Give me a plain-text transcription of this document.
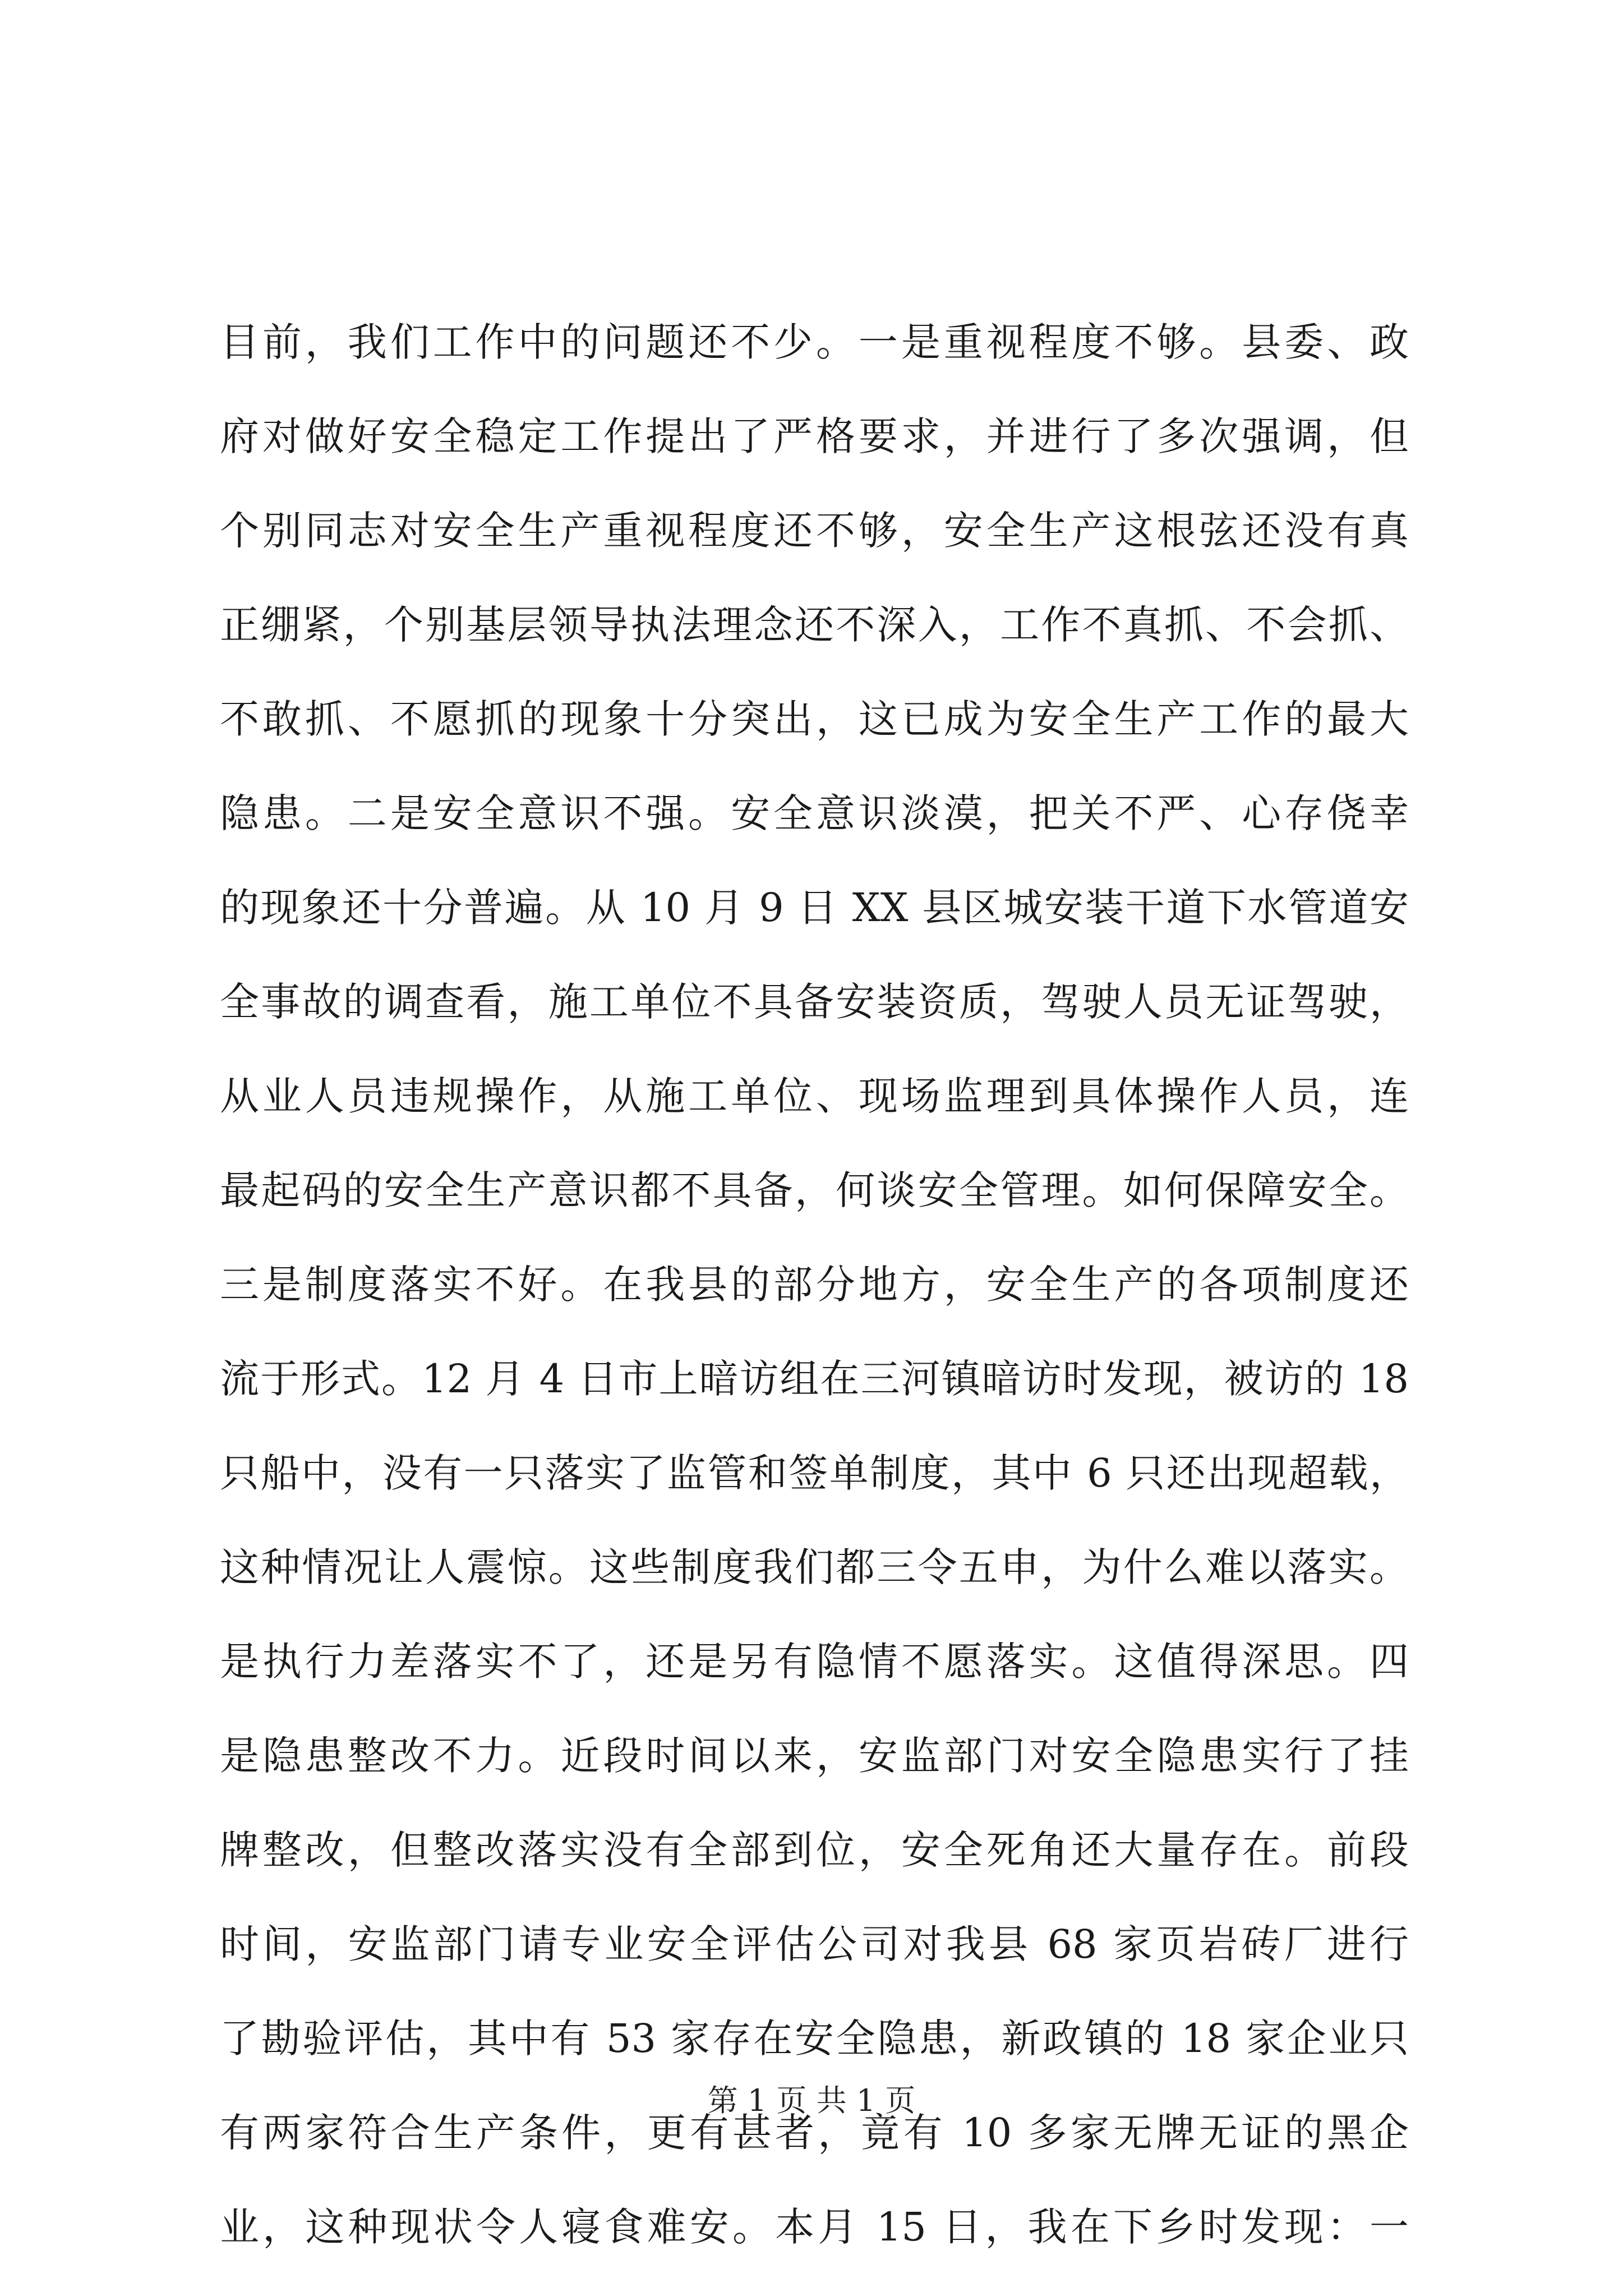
目前，我们工作中的问题还不少。一是重视程度不够。县委、政
府对做好安全稳定工作提出了严格要求，并进行了多次强调，但
个别同志对安全生产重视程度还不够，安全生产这根弦还没有真
正绷紧，个别基层领导执法理念还不深入，工作不真抓、不会抓、
不敢抓、不愿抓的现象十分突出，这已成为安全生产工作的最大
隐患。二是安全意识不强。安全意识淡漠，把关不严、心存侥幸
的现象还十分普遍。从 10 月 9 日 XX 县区城安装干道下水管道安
全事故的调查看，施工单位不具备安装资质，驾驶人员无证驾驶，
从业人员违规操作，从施工单位、现场监理到具体操作人员，连
最起码的安全生产意识都不具备，何谈安全管理。如何保障安全。
三是制度落实不好。在我县的部分地方，安全生产的各项制度还
流于形式。12 月 4 日市上暗访组在三河镇暗访时发现，被访的 18
只船中，没有一只落实了监管和签单制度，其中 6 只还出现超载，
这种情况让人震惊。这些制度我们都三令五申，为什么难以落实。
是执行力差落实不了，还是另有隐情不愿落实。这值得深思。四
是隐患整改不力。近段时间以来，安监部门对安全隐患实行了挂
牌整改，但整改落实没有全部到位，安全死角还大量存在。前段
时间，安监部门请专业安全评估公司对我县 68 家页岩砖厂进行
了勘验评估，其中有 53 家存在安全隐患，新政镇的 18 家企业只
有两家符合生产条件，更有甚者，竟有 10 多家无牌无证的黑企
业，这种现状令人寝食难安。本月 15 日，我在下乡时发现：一
第 1 页 共 1 页
